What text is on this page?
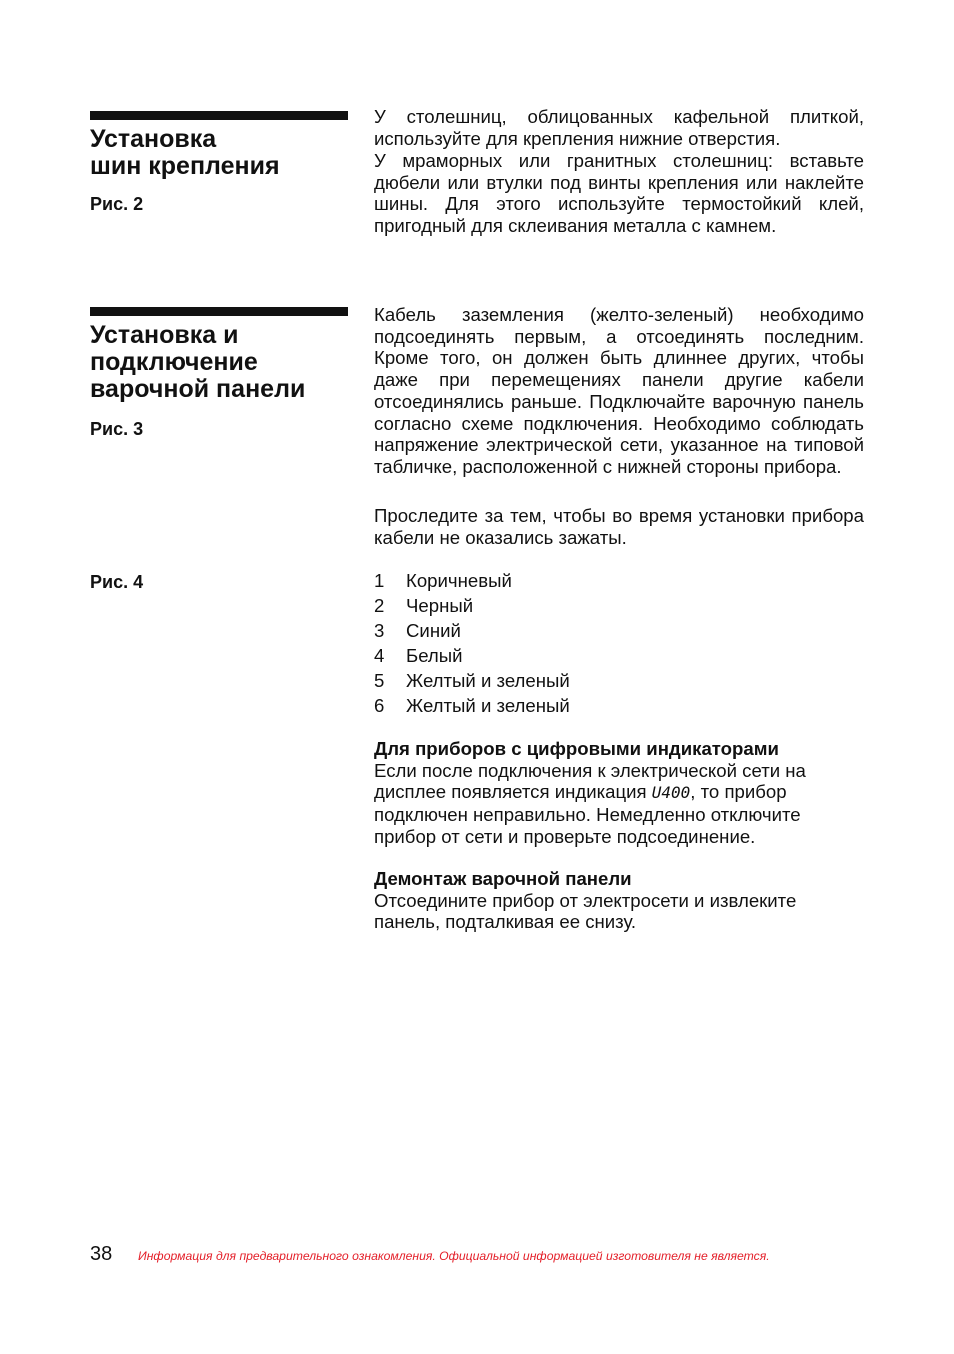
Установка
шин крепления
Рис. 2

У столешниц, облицованных кафельной плиткой, используйте для крепления нижние отверстия.

У мраморных или гранитных столешниц: вставьте дюбели или втулки под винты крепления или наклейте шины. Для этого используйте термостойкий клей, пригодный для склеивания металла с камнем.

Установка и
подключение
варочной панели
Рис. 3

Кабель заземления (желто-зеленый) необходимо подсоединять первым, а отсоединять последним. Кроме того, он должен быть длиннее других, чтобы даже при перемещениях панели другие кабели отсоединялись раньше. Подключайте варочную панель согласно схеме подключения. Необходимо соблюдать напряжение электрической сети, указанное на типовой табличке, расположенной с нижней стороны прибора.

Проследите за тем, чтобы во время установки прибора кабели не оказались зажаты.

Рис. 4	1	Коричневый
2	Черный
3	Синий
4	Белый
5	Желтый и зеленый
6	Желтый и зеленый

Для приборов с цифровыми индикаторами
Если после подключения к электрической сети на дисплее появляется индикация U400, то прибор подключен неправильно. Немедленно отключите прибор от сети и проверьте подсоединение.

Демонтаж варочной панели
Отсоедините прибор от электросети и извлеките панель, подталкивая ее снизу.

38 Информация для предварительного ознакомления. Официальной информацией изготовителя не является.
